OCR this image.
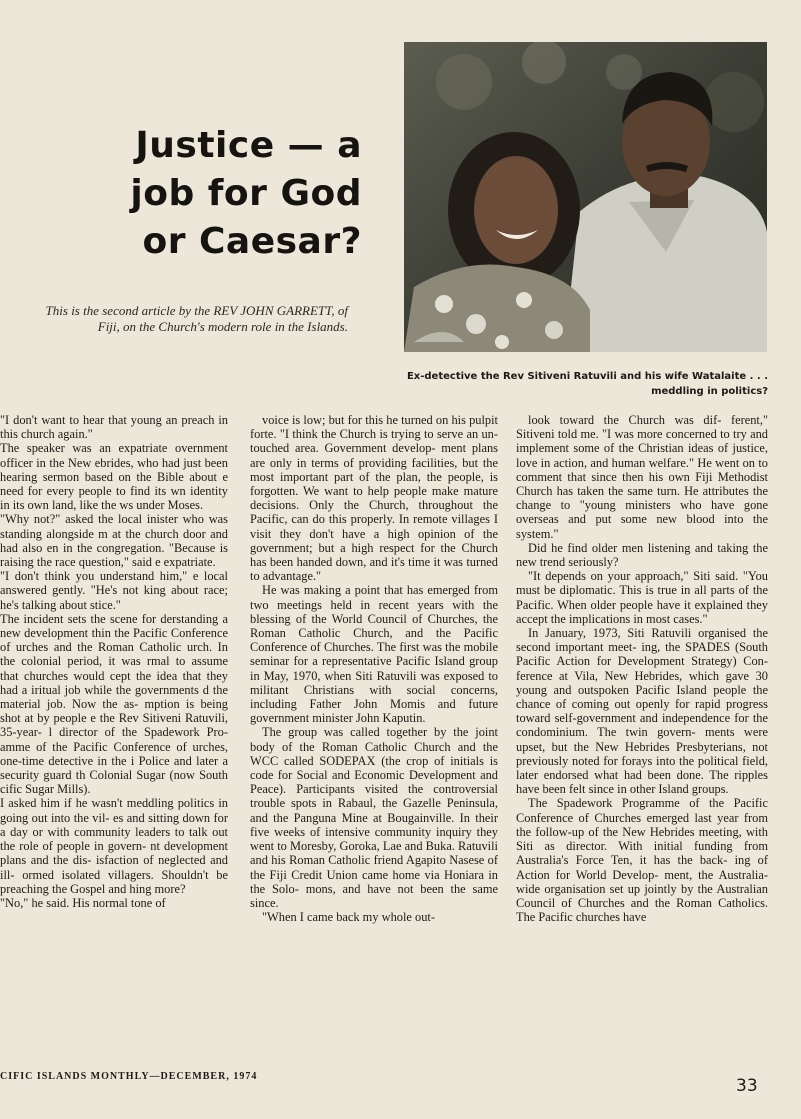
Justice — a job for God or Caesar?

This is the second article by the REV JOHN GARRETT, of Fiji, on the Church's modern role in the Islands.

Ex-detective the Rev Sitiveni Ratuvili and his wife Watalaite . . . meddling in politics?

"I don't want to hear that young an preach in this church again."

The speaker was an expatriate overnment officer in the New ebrides, who had just been hearing sermon based on the Bible about e need for every people to find its wn identity in its own land, like the ws under Moses.

"Why not?" asked the local inister who was standing alongside m at the church door and had also en in the congregation. "Because is raising the race question," said e expatriate.

"I don't think you understand him," e local answered gently. "He's not king about race; he's talking about stice."

The incident sets the scene for derstanding a new development thin the Pacific Conference of urches and the Roman Catholic urch. In the colonial period, it was rmal to assume that churches would cept the idea that they had a iritual job while the governments d the material job. Now the as- mption is being shot at by people e the Rev Sitiveni Ratuvili, 35-year- l director of the Spadework Pro- amme of the Pacific Conference of urches, one-time detective in the i Police and later a security guard th Colonial Sugar (now South cific Sugar Mills).

I asked him if he wasn't meddling politics in going out into the vil- es and sitting down for a day or with community leaders to talk out the role of people in govern- nt development plans and the dis- isfaction of neglected and ill- ormed isolated villagers. Shouldn't be preaching the Gospel and hing more?

"No," he said. His normal tone of

voice is low; but for this he turned on his pulpit forte. "I think the Church is trying to serve an un- touched area. Government develop- ment plans are only in terms of providing facilities, but the most important part of the plan, the people, is forgotten. We want to help people make mature decisions. Only the Church, throughout the Pacific, can do this properly. In remote villages I visit they don't have a high opinion of the government; but a high respect for the Church has been handed down, and it's time it was turned to advantage."

He was making a point that has emerged from two meetings held in recent years with the blessing of the World Council of Churches, the Roman Catholic Church, and the Pacific Conference of Churches. The first was the mobile seminar for a representative Pacific Island group in May, 1970, when Siti Ratuvili was exposed to militant Christians with social concerns, including Father John Momis and future government minister John Kaputin.

The group was called together by the joint body of the Roman Catholic Church and the WCC called SODEPAX (the crop of initials is code for Social and Economic Development and Peace). Participants visited the controversial trouble spots in Rabaul, the Gazelle Peninsula, and the Panguna Mine at Bougainville. In their five weeks of intensive community inquiry they went to Moresby, Goroka, Lae and Buka. Ratuvili and his Roman Catholic friend Agapito Nasese of the Fiji Credit Union came home via Honiara in the Solo- mons, and have not been the same since.

"When I came back my whole out-

look toward the Church was dif- ferent," Sitiveni told me. "I was more concerned to try and implement some of the Christian ideas of justice, love in action, and human welfare." He went on to comment that since then his own Fiji Methodist Church has taken the same turn. He attributes the change to "young ministers who have gone overseas and put some new blood into the system."

Did he find older men listening and taking the new trend seriously?

"It depends on your approach," Siti said. "You must be diplomatic. This is true in all parts of the Pacific. When older people have it explained they accept the implications in most cases."

In January, 1973, Siti Ratuvili organised the second important meet- ing, the SPADES (South Pacific Action for Development Strategy) Con- ference at Vila, New Hebrides, which gave 30 young and outspoken Pacific Island people the chance of coming out openly for rapid progress toward self-government and independence for the condominium. The twin govern- ments were upset, but the New Hebrides Presbyterians, not previously noted for forays into the political field, later endorsed what had been done. The ripples have been felt since in other Island groups.

The Spadework Programme of the Pacific Conference of Churches emerged last year from the follow-up of the New Hebrides meeting, with Siti as director. With initial funding from Australia's Force Ten, it has the back- ing of Action for World Develop- ment, the Australia-wide organisation set up jointly by the Australian Council of Churches and the Roman Catholics. The Pacific churches have

CIFIC ISLANDS MONTHLY—DECEMBER, 1974	33
